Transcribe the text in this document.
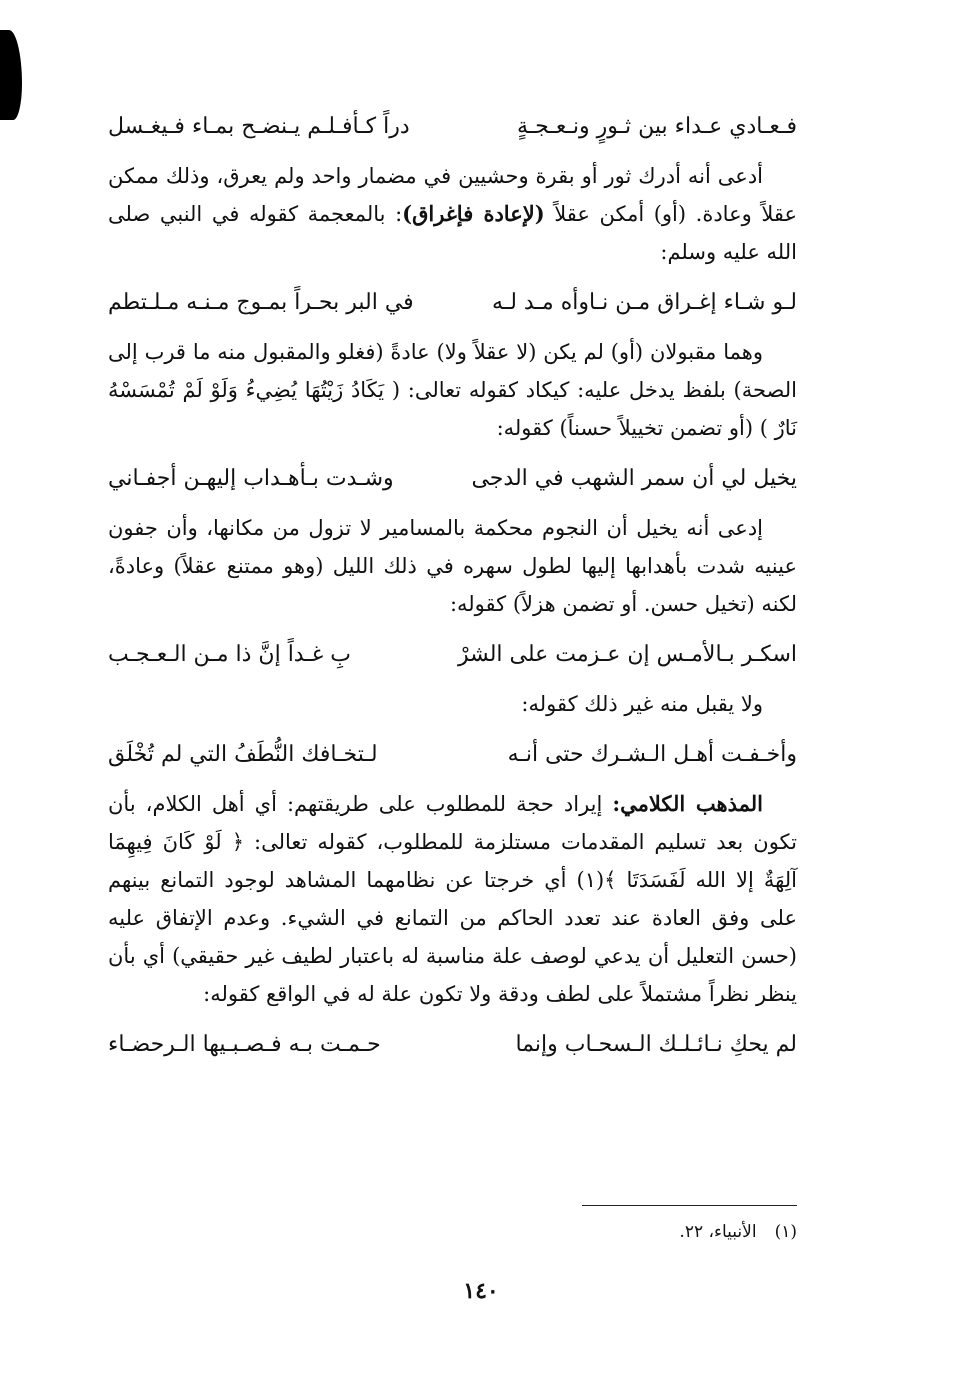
فـعـادي عـداء بين ثـورٍ ونـعـجـةٍ
دراً كـأفـلـم يـنضـح بمـاء فـيغـسل

أدعى أنه أدرك ثور أو بقرة وحشيين في مضمار واحد ولم يعرق، وذلك ممكن عقلاً وعادة. (أو) أمكن عقلاً (لإعادة فإغراق): بالمعجمة كقوله في النبي صلى الله عليه وسلم:

لـو شـاء إغـراق مـن نـاوأه مـد لـه
في البر بحـراً بمـوج مـنـه مـلـتطم

وهما مقبولان (أو) لم يكن (لا عقلاً ولا) عادةً (فغلو والمقبول منه ما قرب إلى الصحة) بلفظ يدخل عليه: كيكاد كقوله تعالى: ( يَكَادُ زَيْتُهَا يُضِيءُ وَلَوْ لَمْ تُمْسَسْهُ نَارٌ ) (أو تضمن تخييلاً حسناً) كقوله:

يخيل لي أن سمر الشهب في الدجى
وشـدت بـأهـداب إليهـن أجفـاني

إدعى أنه يخيل أن النجوم محكمة بالمسامير لا تزول من مكانها، وأن جفون عينيه شدت بأهدابها إليها لطول سهره في ذلك الليل (وهو ممتنع عقلاً) وعادةً، لكنه (تخيل حسن. أو تضمن هزلاً) كقوله:

اسكـر بـالأمـس إن عـزمت على الشرْ
بِ غـداً إنَّ ذا مـن الـعـجـب

ولا يقبل منه غير ذلك كقوله:

وأخـفـت أهـل الـشـرك حتى أنـه
لـتخـافك النُّطَفُ التي لم تُخْلَق

المذهب الكلامي: إيراد حجة للمطلوب على طريقتهم: أي أهل الكلام، بأن تكون بعد تسليم المقدمات مستلزمة للمطلوب، كقوله تعالى: ﴿ لَوْ كَانَ فِيهِمَا آلِهَةٌ إلا الله لَفَسَدَتَا ﴾(١) أي خرجتا عن نظامهما المشاهد لوجود التمانع بينهم على وفق العادة عند تعدد الحاكم من التمانع في الشيء. وعدم الإتفاق عليه (حسن التعليل أن يدعي لوصف علة مناسبة له باعتبار لطيف غير حقيقي) أي بأن ينظر نظراً مشتملاً على لطف ودقة ولا تكون علة له في الواقع كقوله:

لم يحكِ نـائـلـك الـسحـاب وإنما
حـمـت بـه فـصـبـيها الـرحضـاء
(١)
الأنبياء، ٢٢.
١٤٠
